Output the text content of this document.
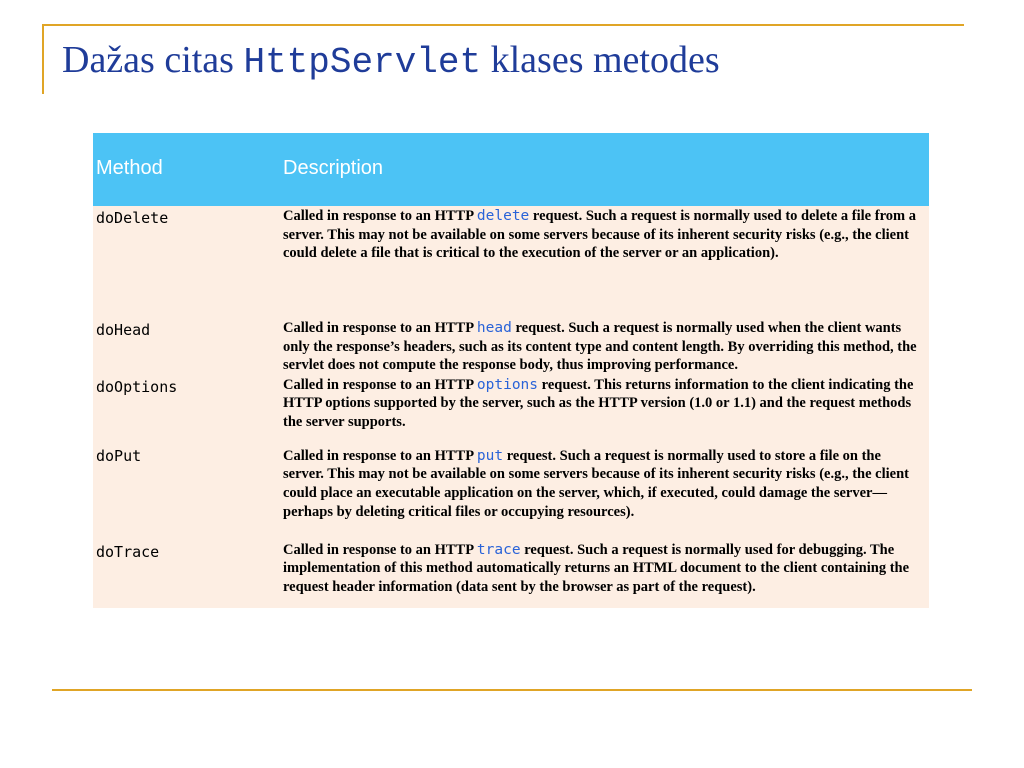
Dažas citas HttpServlet klases metodes
Method	Description
doDelete	Called in response to an HTTP delete request. Such a request is normally used to delete a file from a server. This may not be available on some servers because of its inherent security risks (e.g., the client could delete a file that is critical to the execution of the server or an application).
doHead	Called in response to an HTTP head request. Such a request is normally used when the client wants only the response’s headers, such as its content type and content length. By overriding this method, the servlet does not compute the response body, thus improving performance.
doOptions	Called in response to an HTTP options request. This returns information to the client indicating the HTTP options supported by the server, such as the HTTP version (1.0 or 1.1) and the request methods the server supports.
doPut	Called in response to an HTTP put request. Such a request is normally used to store a file on the server. This may not be available on some servers because of its inherent security risks (e.g., the client could place an executable application on the server, which, if executed, could damage the server—perhaps by deleting critical files or occupying resources).
doTrace	Called in response to an HTTP trace request. Such a request is normally used for debugging. The implementation of this method automatically returns an HTML document to the client containing the request header information (data sent by the browser as part of the request).
